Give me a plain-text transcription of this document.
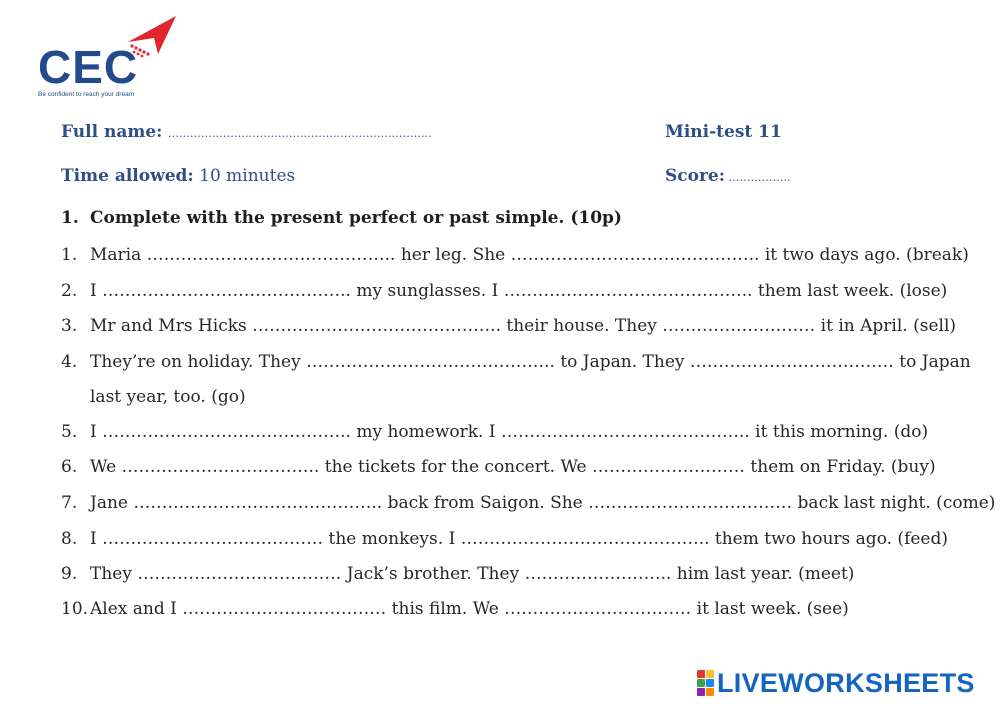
CEC
Be confident to reach your dream
Full name: ………………………………………………………………	Mini-test 11
Time allowed: 10 minutes	Score: ……………..
1. Complete with the present perfect or past simple. (10p)
1. Maria …………………………………….. her leg. She …………………………………….. it two days ago. (break)
2. I …………………………………….. my sunglasses. I …………………………………….. them last week. (lose)
3. Mr and Mrs Hicks …………………………………….. their house. They ……………………… it in April. (sell)
4. They’re on holiday. They …………………………………….. to Japan. They ……………………………… to Japan
last year, too. (go)
5. I …………………………………….. my homework. I …………………………………….. it this morning. (do)
6. We …………………………….. the tickets for the concert. We ……………………… them on Friday. (buy)
7. Jane …………………………………….. back from Saigon. She ……………………………… back last night. (come)
8. I ………………………………… the monkeys. I …………………………………….. them two hours ago. (feed)
9. They ……………………………… Jack’s brother. They …………………….. him last year. (meet)
10. Alex and I ……………………………… this film. We …………………………… it last week. (see)
LIVEWORKSHEETS
